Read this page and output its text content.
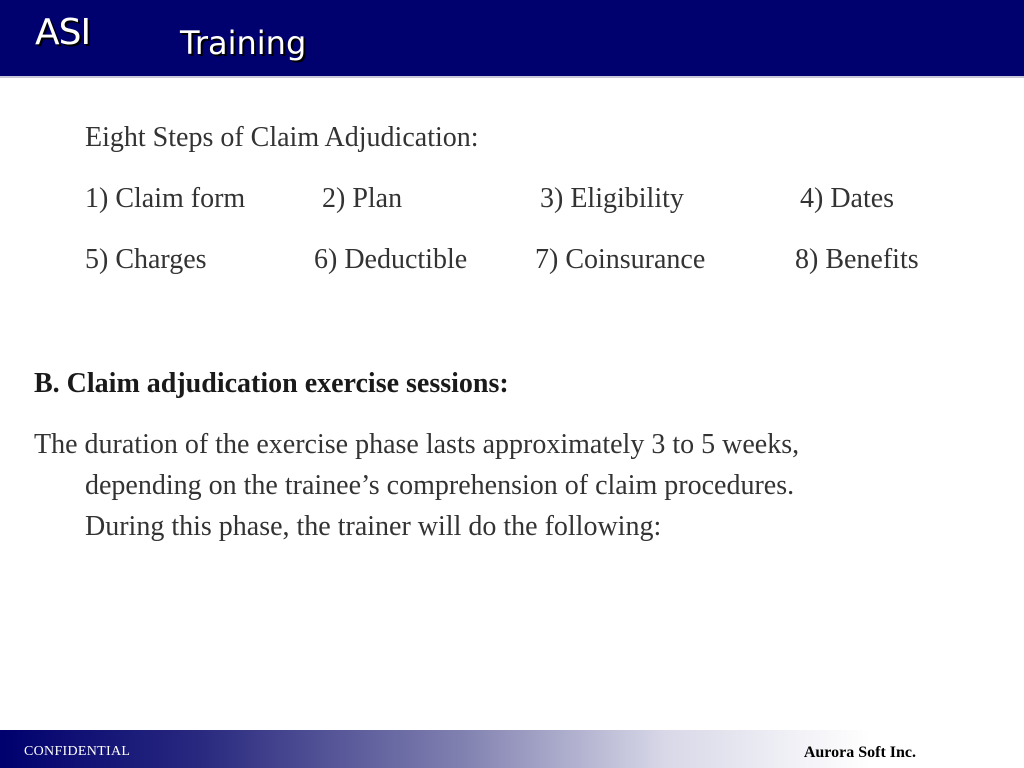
ASI	Training
Eight Steps of Claim Adjudication:
1) Claim form	2) Plan	3) Eligibility	4) Dates
5) Charges	6) Deductible 7) Coinsurance	8) Benefits
B. Claim adjudication exercise sessions:
The duration of the exercise phase lasts approximately 3 to 5 weeks,
depending on the trainee’s comprehension of claim procedures.
During this phase, the trainer will do the following:
CONFIDENTIAL	Aurora Soft Inc.
